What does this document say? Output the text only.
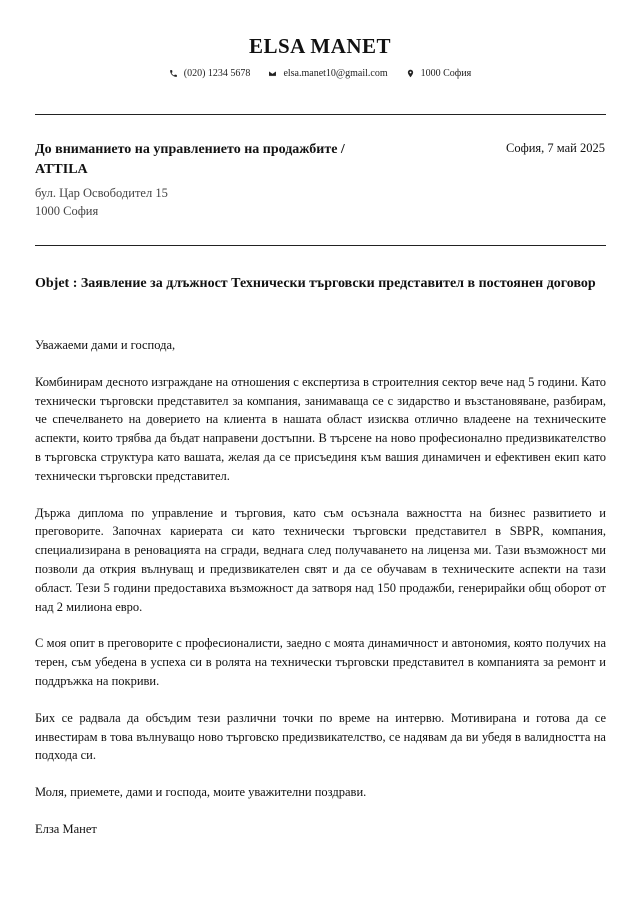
ELSA MANET
(020) 1234 5678	elsa.manet10@gmail.com	1000 София
До вниманието на управлението на продажбите /
ATTILA
София, 7 май 2025
бул. Цар Освободител 15
1000 София
Objet : Заявление за длъжност Технически търговски представител в постоянен договор

Уважаеми дами и господа,

Комбинирам десното изграждане на отношения с експертиза в строителния сектор вече над 5 години. Като технически търговски представител за компания, занимаваща се с зидарство и възстановяване, разбирам, че спечелването на доверието на клиента в нашата област изисква отлично владеене на техническите аспекти, които трябва да бъдат направени достъпни. В търсене на ново професионално предизвикателство в търговска структура като вашата, желая да се присъединя към вашия динамичен и ефективен екип като технически търговски представител.

Държа диплома по управление и търговия, като съм осъзнала важността на бизнес развитието и преговорите. Започнах кариерата си като технически търговски представител в SBPR, компания, специализирана в реновацията на сгради, веднага след получаването на лиценза ми. Тази възможност ми позволи да открия вълнуващ и предизвикателен свят и да се обучавам в техническите аспекти на тази област. Тези 5 години предоставиха възможност да затворя над 150 продажби, генерирайки общ оборот от над 2 милиона евро.

С моя опит в преговорите с професионалисти, заедно с моята динамичност и автономия, която получих на терен, съм убедена в успеха си в ролята на технически търговски представител в компанията за ремонт и поддръжка на покриви.

Бих се радвала да обсъдим тези различни точки по време на интервю. Мотивирана и готова да се инвестирам в това вълнуващо ново търговско предизвикателство, се надявам да ви убедя в валидността на подхода си.

Моля, приемете, дами и господа, моите уважителни поздрави.

Елза Манет
